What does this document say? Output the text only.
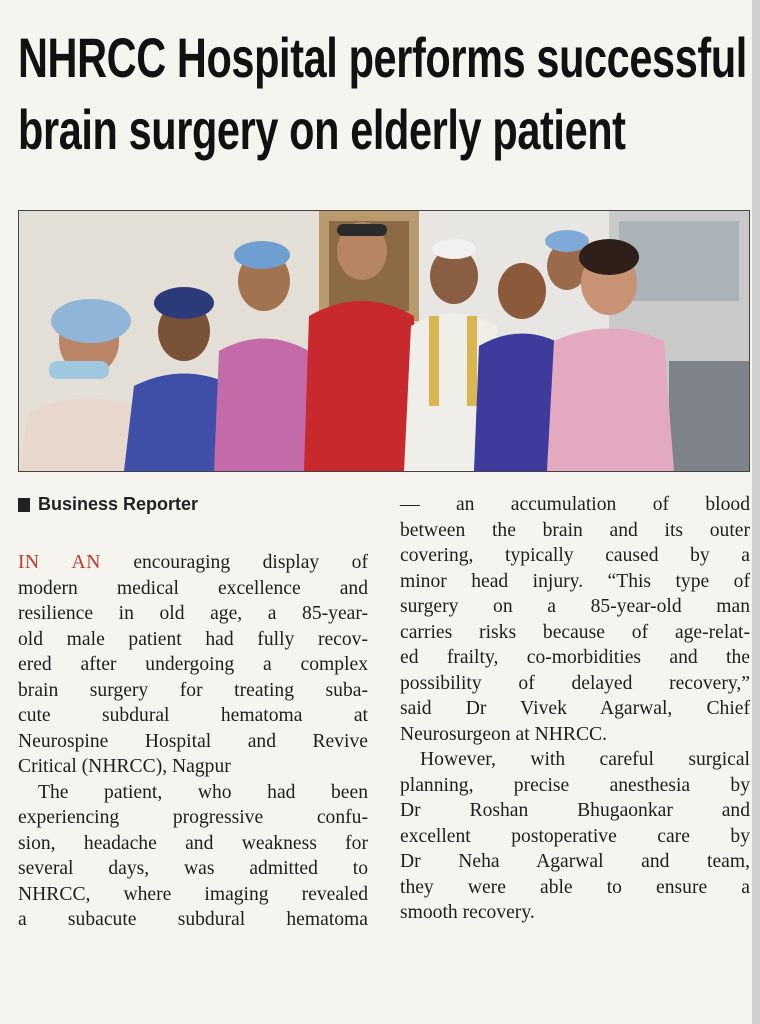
NHRCC Hospital performs successful
brain surgery on elderly patient
Business Reporter
IN AN encouraging display of
modern medical excellence and
resilience in old age, a 85-year-
old male patient had fully recov-
ered after undergoing a complex
brain surgery for treating suba-
cute subdural hematoma at
Neurospine Hospital and Revive
Critical (NHRCC), Nagpur
The patient, who had been
experiencing progressive confu-
sion, headache and weakness for
several days, was admitted to
NHRCC, where imaging revealed
a subacute subdural hematoma
— an accumulation of blood
between the brain and its outer
covering, typically caused by a
minor head injury. “This type of
surgery on a 85-year-old man
carries risks because of age-relat-
ed frailty, co-morbidities and the
possibility of delayed recovery,”
said Dr Vivek Agarwal, Chief
Neurosurgeon at NHRCC.
However, with careful surgical
planning, precise anesthesia by
Dr Roshan Bhugaonkar and
excellent postoperative care by
Dr Neha Agarwal and team,
they were able to ensure a
smooth recovery.
